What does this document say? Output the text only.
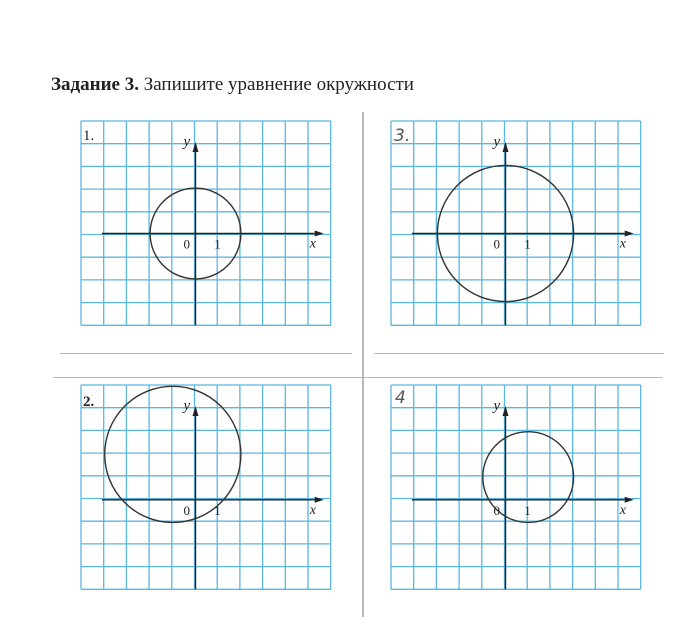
Задание 3. Запишите уравнение окружности
x
y
0 1
1.
x
y
0 1
3.
x
y
0 1
2.
x
y
0 1
4
